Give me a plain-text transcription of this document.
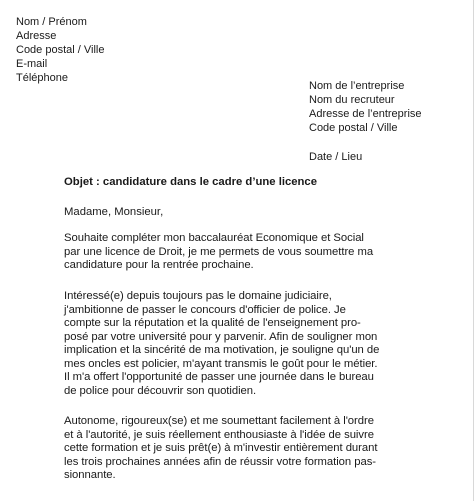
Nom / Prénom
Adresse
Code postal / Ville
E-mail
Téléphone
Nom de l’entreprise
Nom du recruteur
Adresse de l’entreprise
Code postal / Ville
Date / Lieu
Objet : candidature dans le cadre d’une licence
Madame, Monsieur,
Souhaite compléter mon baccalauréat Economique et Social
par une licence de Droit, je me permets de vous soumettre ma
candidature pour la rentrée prochaine.
Intéressé(e) depuis toujours pas le domaine judiciaire,
j'ambitionne de passer le concours d'officier de police. Je
compte sur la réputation et la qualité de l'enseignement pro-
posé par votre université pour y parvenir. Afin de souligner mon
implication et la sincérité de ma motivation, je souligne qu'un de
mes oncles est policier, m'ayant transmis le goût pour le métier.
Il m'a offert l'opportunité de passer une journée dans le bureau
de police pour découvrir son quotidien.
Autonome, rigoureux(se) et me soumettant facilement à l'ordre
et à l'autorité, je suis réellement enthousiaste à l'idée de suivre
cette formation et je suis prêt(e) à m'investir entièrement durant
les trois prochaines années afin de réussir votre formation pas-
sionnante.
